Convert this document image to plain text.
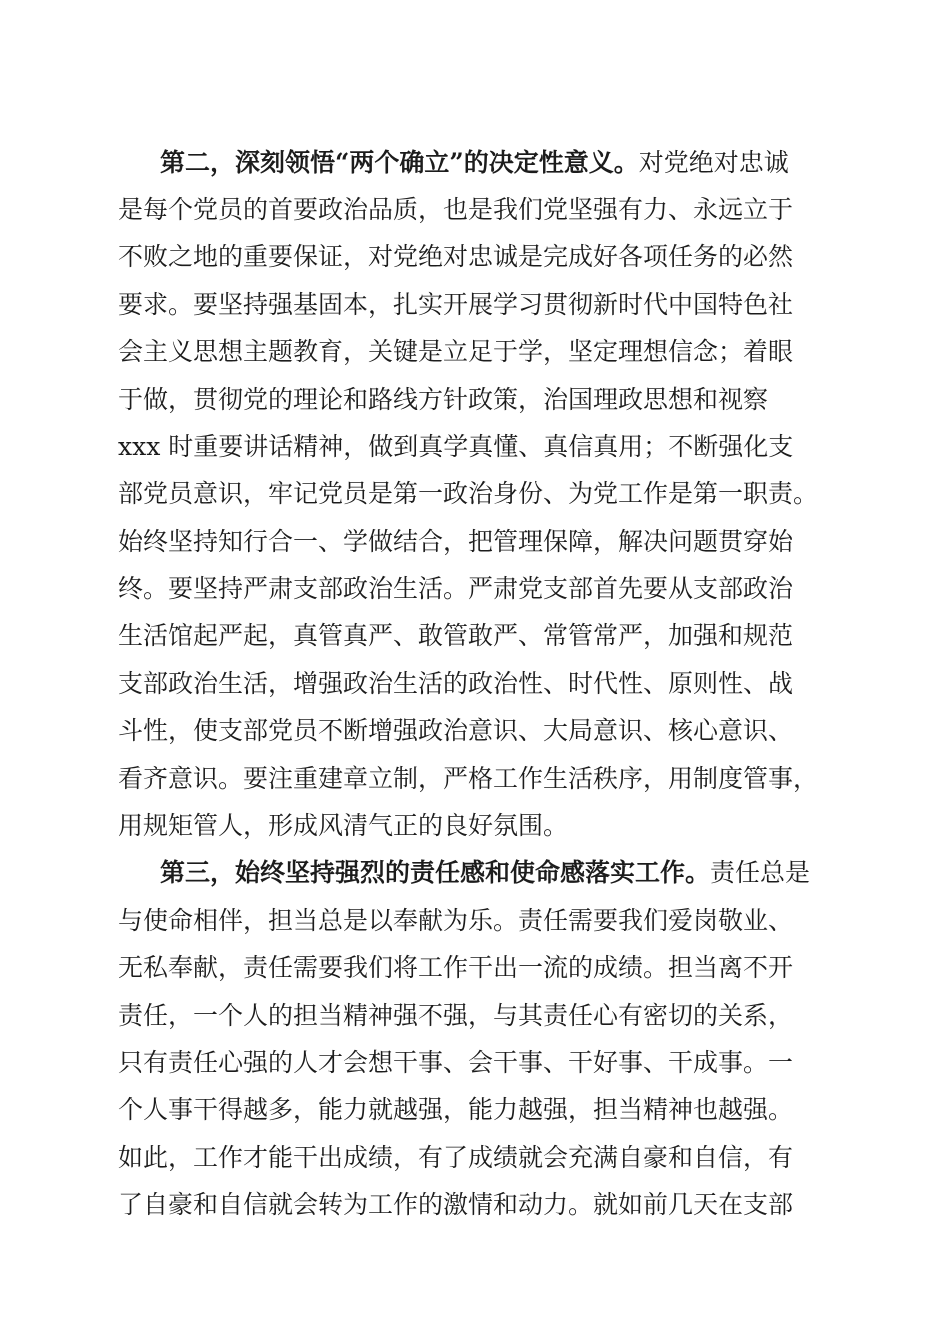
第二，深刻领悟“两个确立”的决定性意义。对党绝对忠诚

是每个党员的首要政治品质，也是我们党坚强有力、永远立于

不败之地的重要保证，对党绝对忠诚是完成好各项任务的必然

要求。要坚持强基固本，扎实开展学习贯彻新时代中国特色社

会主义思想主题教育，关键是立足于学，坚定理想信念；着眼

于做，贯彻党的理论和路线方针政策，治国理政思想和视察

xxx 时重要讲话精神，做到真学真懂、真信真用；不断强化支

部党员意识，牢记党员是第一政治身份、为党工作是第一职责。

始终坚持知行合一、学做结合，把管理保障，解决问题贯穿始

终。要坚持严肃支部政治生活。严肃党支部首先要从支部政治

生活馆起严起，真管真严、敢管敢严、常管常严，加强和规范

支部政治生活，增强政治生活的政治性、时代性、原则性、战

斗性，使支部党员不断增强政治意识、大局意识、核心意识、

看齐意识。要注重建章立制，严格工作生活秩序，用制度管事，

用规矩管人，形成风清气正的良好氛围。

第三，始终坚持强烈的责任感和使命感落实工作。责任总是

与使命相伴，担当总是以奉献为乐。责任需要我们爱岗敬业、

无私奉献，责任需要我们将工作干出一流的成绩。担当离不开

责任，一个人的担当精神强不强，与其责任心有密切的关系，

只有责任心强的人才会想干事、会干事、干好事、干成事。一

个人事干得越多，能力就越强，能力越强，担当精神也越强。

如此，工作才能干出成绩，有了成绩就会充满自豪和自信，有

了自豪和自信就会转为工作的激情和动力。就如前几天在支部
